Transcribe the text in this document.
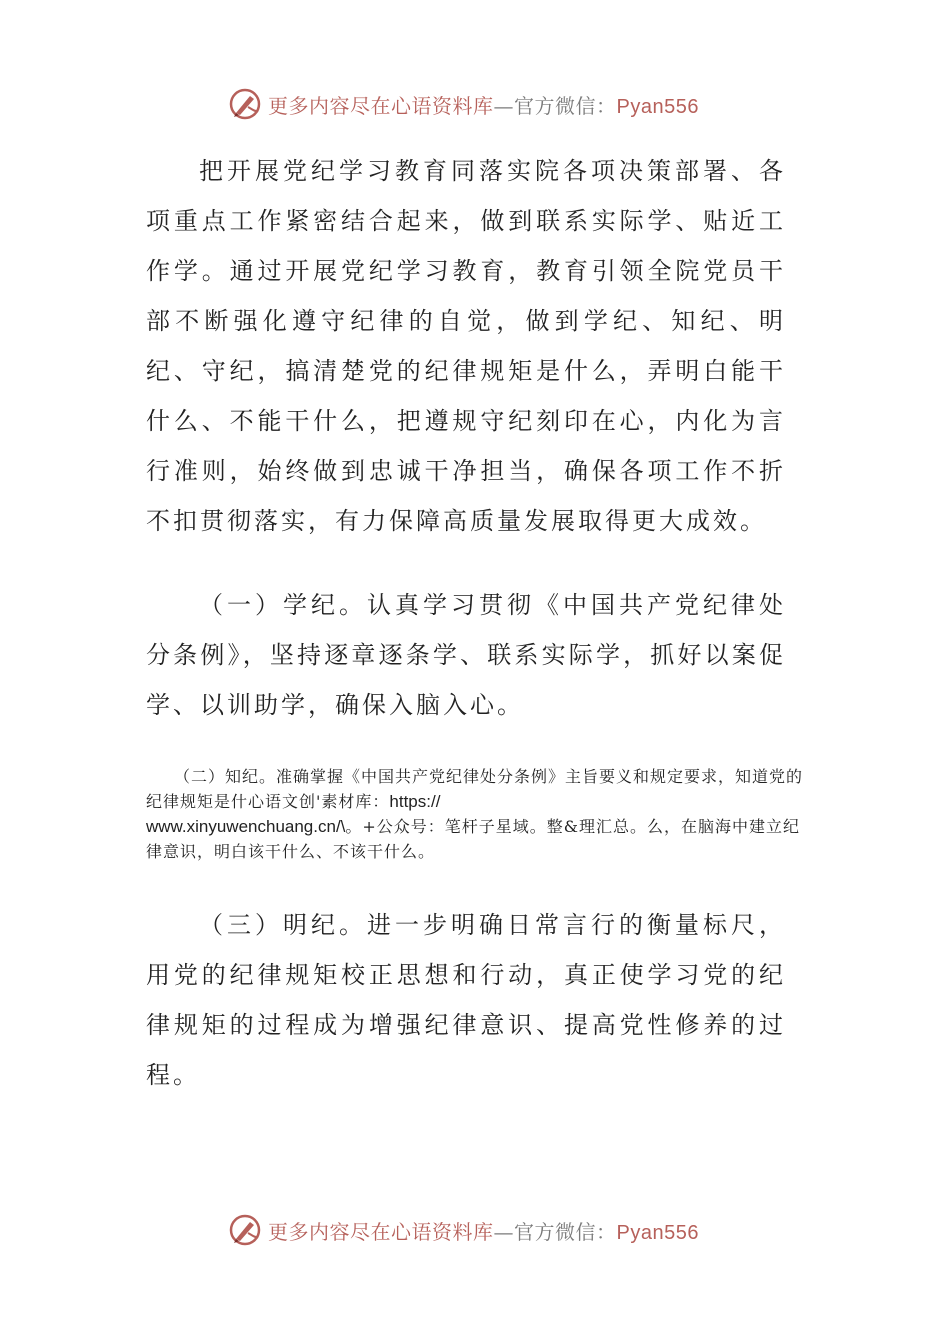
更多内容尽在心语资料库—官方微信：Pyan556

把开展党纪学习教育同落实院各项决策部署、各项重点工作紧密结合起来，做到联系实际学、贴近工作学。通过开展党纪学习教育，教育引领全院党员干部不断强化遵守纪律的自觉，做到学纪、知纪、明纪、守纪，搞清楚党的纪律规矩是什么，弄明白能干什么、不能干什么，把遵规守纪刻印在心，内化为言行准则，始终做到忠诚干净担当，确保各项工作不折不扣贯彻落实，有力保障高质量发展取得更大成效。

（一）学纪。认真学习贯彻《中国共产党纪律处分条例》，坚持逐章逐条学、联系实际学，抓好以案促学、以训助学，确保入脑入心。

（二）知纪。准确掌握《中国共产党纪律处分条例》主旨要义和规定要求，知道党的纪律规矩是什心语文创'素材库：https://
www.xinyuwenchuang.cn/\。+公众号：笔杆子星域。整&理汇总。么，在脑海中建立纪律意识，明白该干什么、不该干什么。

（三）明纪。进一步明确日常言行的衡量标尺，用党的纪律规矩校正思想和行动，真正使学习党的纪律规矩的过程成为增强纪律意识、提高党性修养的过程。

更多内容尽在心语资料库—官方微信：Pyan556
